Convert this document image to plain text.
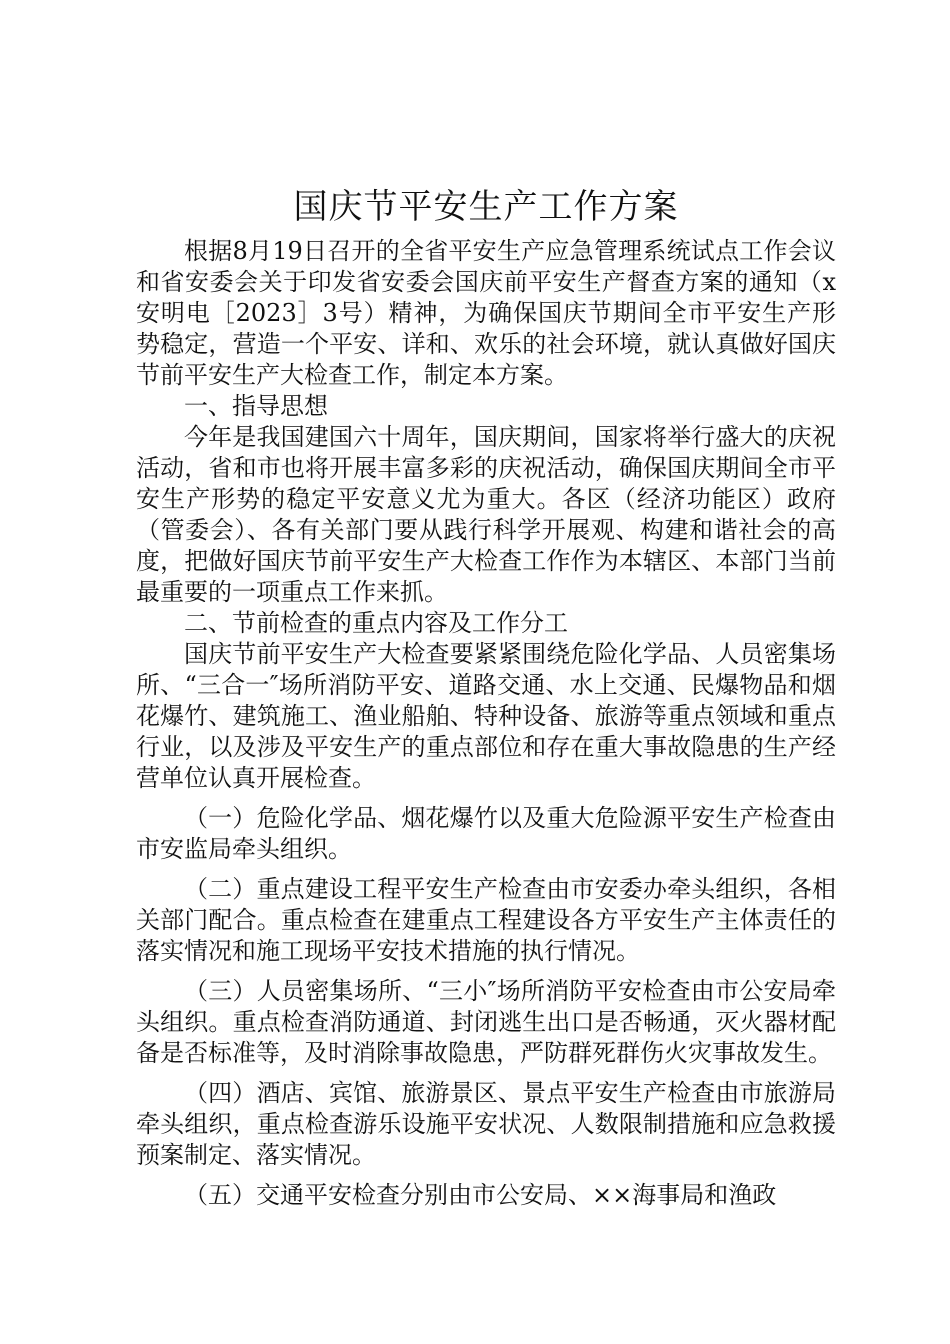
国庆节平安生产工作方案

根据8月19日召开的全省平安生产应急管理系统试点工作会议和省安委会关于印发省安委会国庆前平安生产督查方案的通知（x安明电［2023］3号）精神，为确保国庆节期间全市平安生产形势稳定，营造一个平安、详和、欢乐的社会环境，就认真做好国庆节前平安生产大检查工作，制定本方案。

一、指导思想

今年是我国建国六十周年，国庆期间，国家将举行盛大的庆祝活动，省和市也将开展丰富多彩的庆祝活动，确保国庆期间全市平安生产形势的稳定平安意义尤为重大。各区（经济功能区）政府（管委会）、各有关部门要从践行科学开展观、构建和谐社会的高度，把做好国庆节前平安生产大检查工作作为本辖区、本部门当前最重要的一项重点工作来抓。

二、节前检查的重点内容及工作分工

国庆节前平安生产大检查要紧紧围绕危险化学品、人员密集场所、“三合一″场所消防平安、道路交通、水上交通、民爆物品和烟花爆竹、建筑施工、渔业船舶、特种设备、旅游等重点领域和重点行业，以及涉及平安生产的重点部位和存在重大事故隐患的生产经营单位认真开展检查。

（一）危险化学品、烟花爆竹以及重大危险源平安生产检查由市安监局牵头组织。

（二）重点建设工程平安生产检查由市安委办牵头组织，各相关部门配合。重点检查在建重点工程建设各方平安生产主体责任的落实情况和施工现场平安技术措施的执行情况。

（三）人员密集场所、“三小″场所消防平安检查由市公安局牵头组织。重点检查消防通道、封闭逃生出口是否畅通，灭火器材配备是否标准等，及时消除事故隐患，严防群死群伤火灾事故发生。

（四）酒店、宾馆、旅游景区、景点平安生产检查由市旅游局牵头组织，重点检查游乐设施平安状况、人数限制措施和应急救援预案制定、落实情况。

（五）交通平安检查分别由市公安局、××海事局和渔政
